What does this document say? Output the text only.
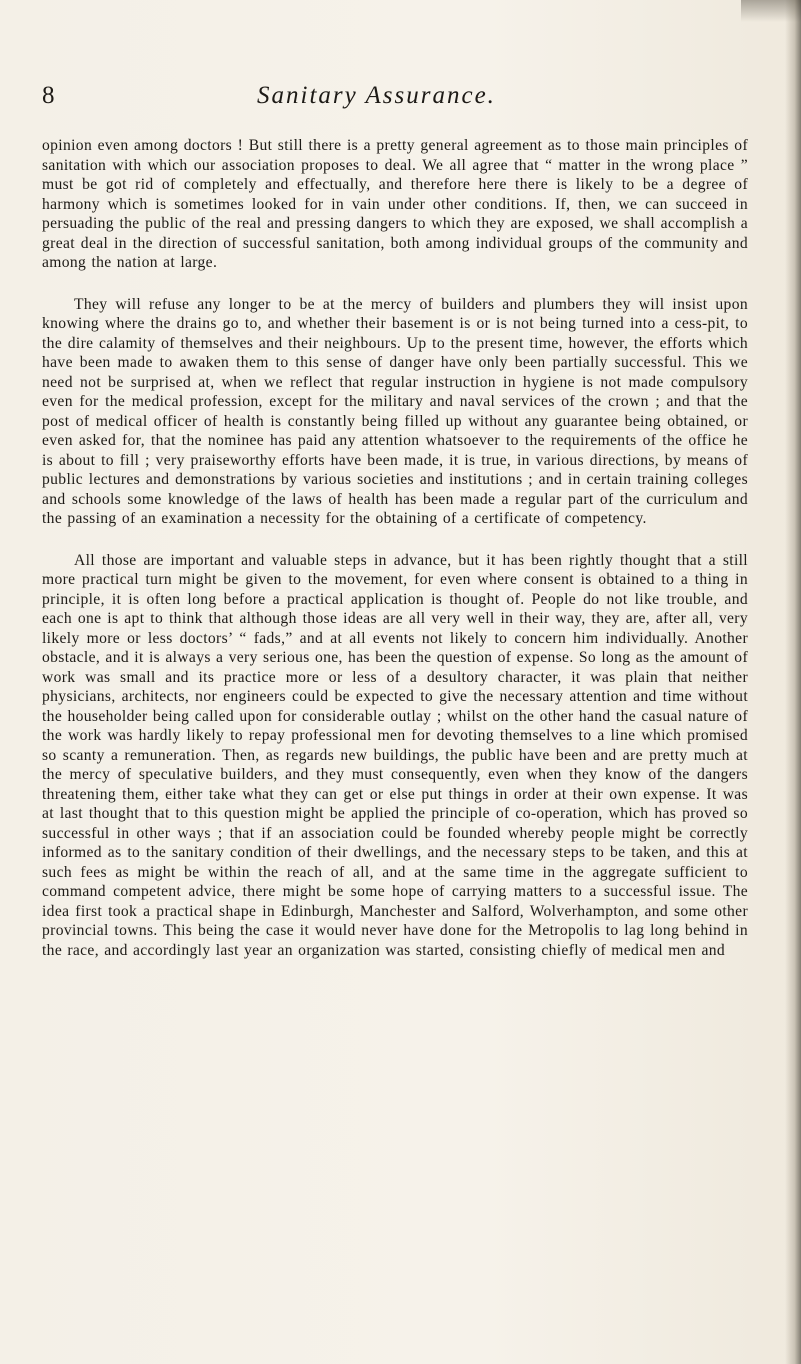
8	Sanitary Assurance.

opinion even among doctors ! But still there is a pretty general agreement as to those main principles of sanitation with which our association proposes to deal. We all agree that “ matter in the wrong place ” must be got rid of completely and effectually, and therefore here there is likely to be a degree of harmony which is sometimes looked for in vain under other conditions. If, then, we can succeed in persuading the public of the real and pressing dangers to which they are exposed, we shall accomplish a great deal in the direction of successful sanitation, both among individual groups of the community and among the nation at large.

They will refuse any longer to be at the mercy of builders and plumbers they will insist upon knowing where the drains go to, and whether their basement is or is not being turned into a cess-pit, to the dire calamity of themselves and their neighbours. Up to the present time, however, the efforts which have been made to awaken them to this sense of danger have only been partially successful. This we need not be surprised at, when we reflect that regular instruction in hygiene is not made compulsory even for the medical profession, except for the military and naval services of the crown ; and that the post of medical officer of health is constantly being filled up without any guarantee being obtained, or even asked for, that the nominee has paid any attention whatsoever to the requirements of the office he is about to fill ; very praiseworthy efforts have been made, it is true, in various directions, by means of public lectures and demonstrations by various societies and institutions ; and in certain training colleges and schools some knowledge of the laws of health has been made a regular part of the curriculum and the passing of an examination a necessity for the obtaining of a certificate of competency.

All those are important and valuable steps in advance, but it has been rightly thought that a still more practical turn might be given to the movement, for even where consent is obtained to a thing in principle, it is often long before a practical application is thought of. People do not like trouble, and each one is apt to think that although those ideas are all very well in their way, they are, after all, very likely more or less doctors’ “ fads,” and at all events not likely to concern him individually. Another obstacle, and it is always a very serious one, has been the question of expense. So long as the amount of work was small and its practice more or less of a desultory character, it was plain that neither physicians, architects, nor engineers could be expected to give the necessary attention and time without the householder being called upon for considerable outlay ; whilst on the other hand the casual nature of the work was hardly likely to repay professional men for devoting themselves to a line which promised so scanty a remuneration. Then, as regards new buildings, the public have been and are pretty much at the mercy of speculative builders, and they must consequently, even when they know of the dangers threatening them, either take what they can get or else put things in order at their own expense. It was at last thought that to this question might be applied the principle of co-operation, which has proved so successful in other ways ; that if an association could be founded whereby people might be correctly informed as to the sanitary condition of their dwellings, and the necessary steps to be taken, and this at such fees as might be within the reach of all, and at the same time in the aggregate sufficient to command competent advice, there might be some hope of carrying matters to a successful issue. The idea first took a practical shape in Edinburgh, Manchester and Salford, Wolverhampton, and some other provincial towns. This being the case it would never have done for the Metropolis to lag long behind in the race, and accordingly last year an organization was started, consisting chiefly of medical men and
